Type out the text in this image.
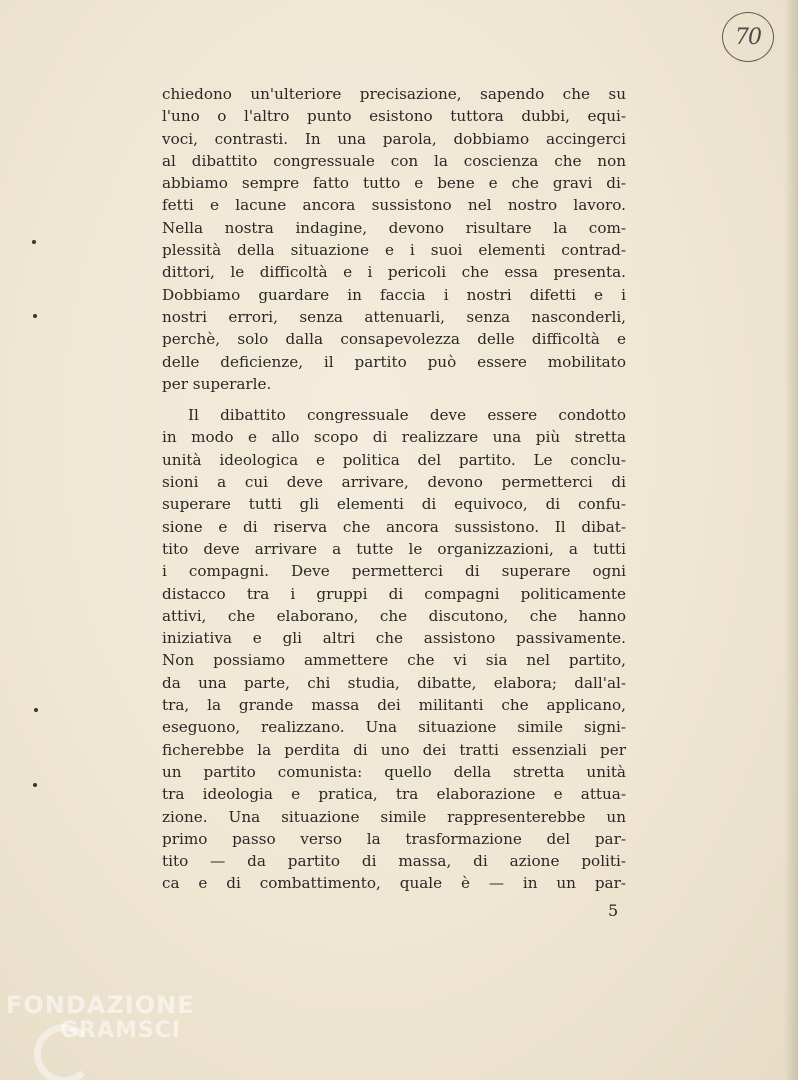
70
chiedono un'ulteriore precisazione, sapendo che su
l'uno o l'altro punto esistono tuttora dubbi, equi-
voci, contrasti. In una parola, dobbiamo accingerci
al dibattito congressuale con la coscienza che non
abbiamo sempre fatto tutto e bene e che gravi di-
fetti e lacune ancora sussistono nel nostro lavoro.
Nella nostra indagine, devono risultare la com-
plessità della situazione e i suoi elementi contrad-
dittori, le difficoltà e i pericoli che essa presenta.
Dobbiamo guardare in faccia i nostri difetti e i
nostri errori, senza attenuarli, senza nasconderli,
perchè, solo dalla consapevolezza delle difficoltà e
delle deficienze, il partito può essere mobilitato
per superarle.
Il dibattito congressuale deve essere condotto
in modo e allo scopo di realizzare una più stretta
unità ideologica e politica del partito. Le conclu-
sioni a cui deve arrivare, devono permetterci di
superare tutti gli elementi di equivoco, di confu-
sione e di riserva che ancora sussistono. Il dibat-
tito deve arrivare a tutte le organizzazioni, a tutti
i compagni. Deve permetterci di superare ogni
distacco tra i gruppi di compagni politicamente
attivi, che elaborano, che discutono, che hanno
iniziativa e gli altri che assistono passivamente.
Non possiamo ammettere che vi sia nel partito,
da una parte, chi studia, dibatte, elabora; dall'al-
tra, la grande massa dei militanti che applicano,
eseguono, realizzano. Una situazione simile signi-
ficherebbe la perdita di uno dei tratti essenziali per
un partito comunista: quello della stretta unità
tra ideologia e pratica, tra elaborazione e attua-
zione. Una situazione simile rappresenterebbe un
primo passo verso la trasformazione del par-
tito — da partito di massa, di azione politi-
ca e di combattimento, quale è — in un par-
5
FONDAZIONE
GRAMSCI
